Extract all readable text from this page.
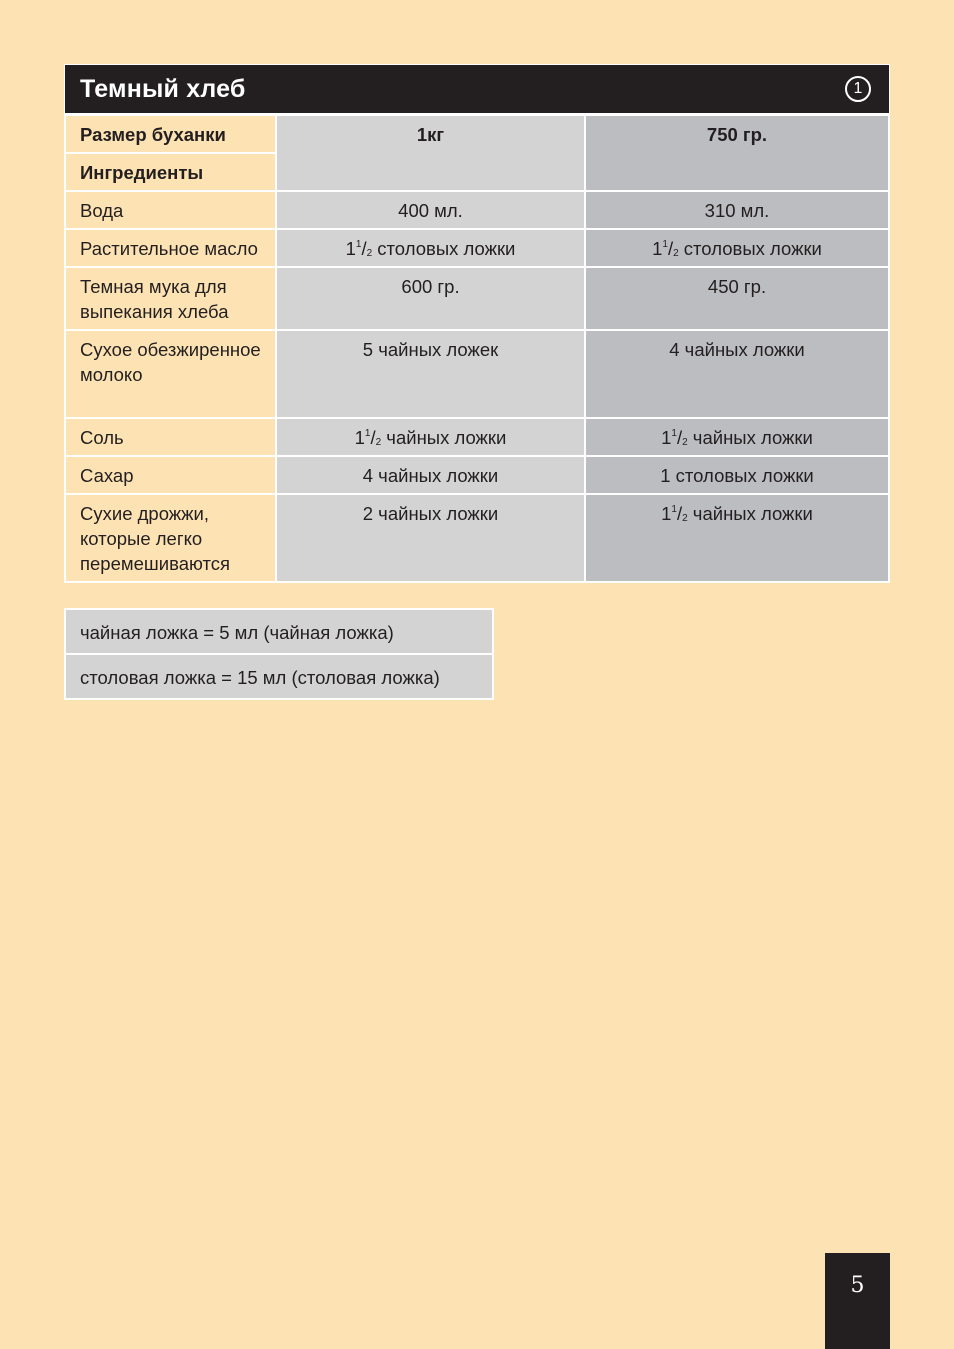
Темный хлеб	1
Размер буханки	1кг	750 гр.
Ингредиенты		
Вода	400 мл.	310 мл.
Растительное масло	$1^1/_2$ столовых ложки	$1^1/_2$ столовых ложки
Темная мука для выпекания хлеба	600 гр.	450 гр.
Сухое обезжиренное молоко	5 чайных ложек	4 чайных ложки
Соль	$1^1/_2$ чайных ложки	$1^1/_2$ чайных ложки
Сахар	4 чайных ложки	1 столовых ложки
Сухие дрожжи, которые легко перемешиваются	2 чайных ложки	$1^1/_2$ чайных ложки
чайная ложка = 5 мл (чайная ложка)
столовая ложка = 15 мл (столовая ложка)
5
